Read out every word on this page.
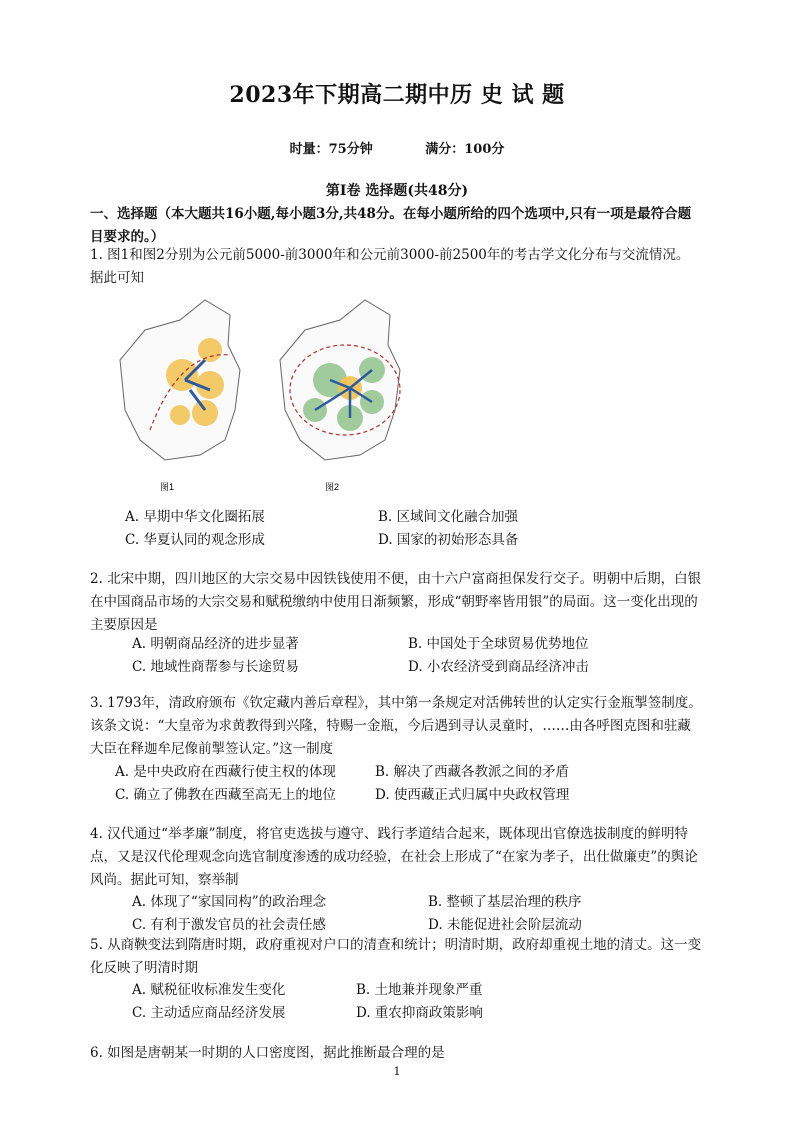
2023年下期高二期中历 史 试 题
时量：75分钟	满分：100分
第Ⅰ卷 选择题(共48分)
一、选择题（本大题共16小题,每小题3分,共48分。在每小题所给的四个选项中,只有一项是最符合题目要求的。）
1. 图1和图2分别为公元前5000-前3000年和公元前3000-前2500年的考古学文化分布与交流情况。据此可知
图1	图2
A. 早期中华文化圈拓展	B. 区域间文化融合加强
C. 华夏认同的观念形成	D. 国家的初始形态具备
2. 北宋中期，四川地区的大宗交易中因铁钱使用不便，由十六户富商担保发行交子。明朝中后期，白银在中国商品市场的大宗交易和赋税缴纳中使用日渐频繁，形成“朝野率皆用银”的局面。这一变化出现的主要原因是
A. 明朝商品经济的进步显著	B. 中国处于全球贸易优势地位
C. 地域性商帮参与长途贸易	D. 小农经济受到商品经济冲击
3. 1793年，清政府颁布《钦定藏内善后章程》，其中第一条规定对活佛转世的认定实行金瓶掣签制度。该条文说：“大皇帝为求黄教得到兴隆，特赐一金瓶，今后遇到寻认灵童时，……由各呼图克图和驻藏大臣在释迦牟尼像前掣签认定。”这一制度
A. 是中央政府在西藏行使主权的体现	B. 解决了西藏各教派之间的矛盾
C. 确立了佛教在西藏至高无上的地位	D. 使西藏正式归属中央政权管理
4. 汉代通过“举孝廉”制度，将官吏选拔与遵守、践行孝道结合起来，既体现出官僚选拔制度的鲜明特点，又是汉代伦理观念向选官制度渗透的成功经验，在社会上形成了“在家为孝子，出仕做廉吏”的舆论风尚。据此可知，察举制
A. 体现了“家国同构”的政治理念	B. 整顿了基层治理的秩序
C. 有利于激发官员的社会责任感	D. 未能促进社会阶层流动
5. 从商鞅变法到隋唐时期，政府重视对户口的清查和统计；明清时期，政府却重视土地的清丈。这一变化反映了明清时期
A. 赋税征收标准发生变化	B. 土地兼并现象严重
C. 主动适应商品经济发展	D. 重农抑商政策影响
6. 如图是唐朝某一时期的人口密度图，据此推断最合理的是
1
